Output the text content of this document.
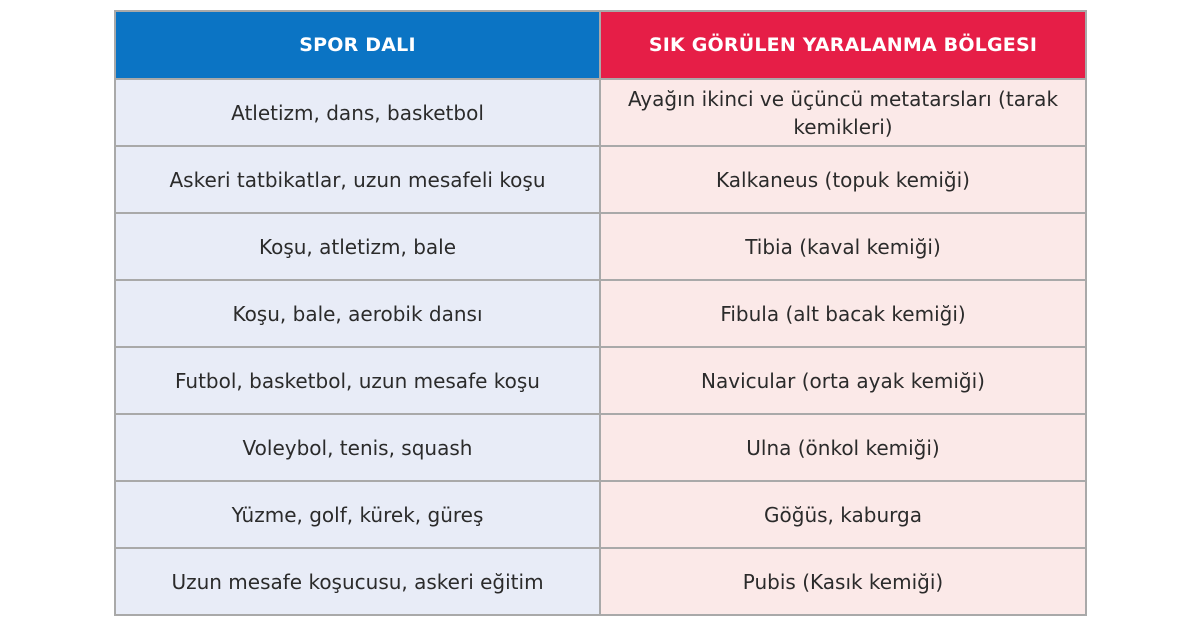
SPOR DALI	SIK GÖRÜLEN YARALANMA BÖLGESI
Atletizm, dans, basketbol	Ayağın ikinci ve üçüncü metatarsları (tarak kemikleri)
Askeri tatbikatlar, uzun mesafeli koşu	Kalkaneus (topuk kemiği)
Koşu, atletizm, bale	Tibia (kaval kemiği)
Koşu, bale, aerobik dansı	Fibula (alt bacak kemiği)
Futbol, basketbol, uzun mesafe koşu	Navicular (orta ayak kemiği)
Voleybol, tenis, squash	Ulna (önkol kemiği)
Yüzme, golf, kürek, güreş	Göğüs, kaburga
Uzun mesafe koşucusu, askeri eğitim	Pubis (Kasık kemiği)
